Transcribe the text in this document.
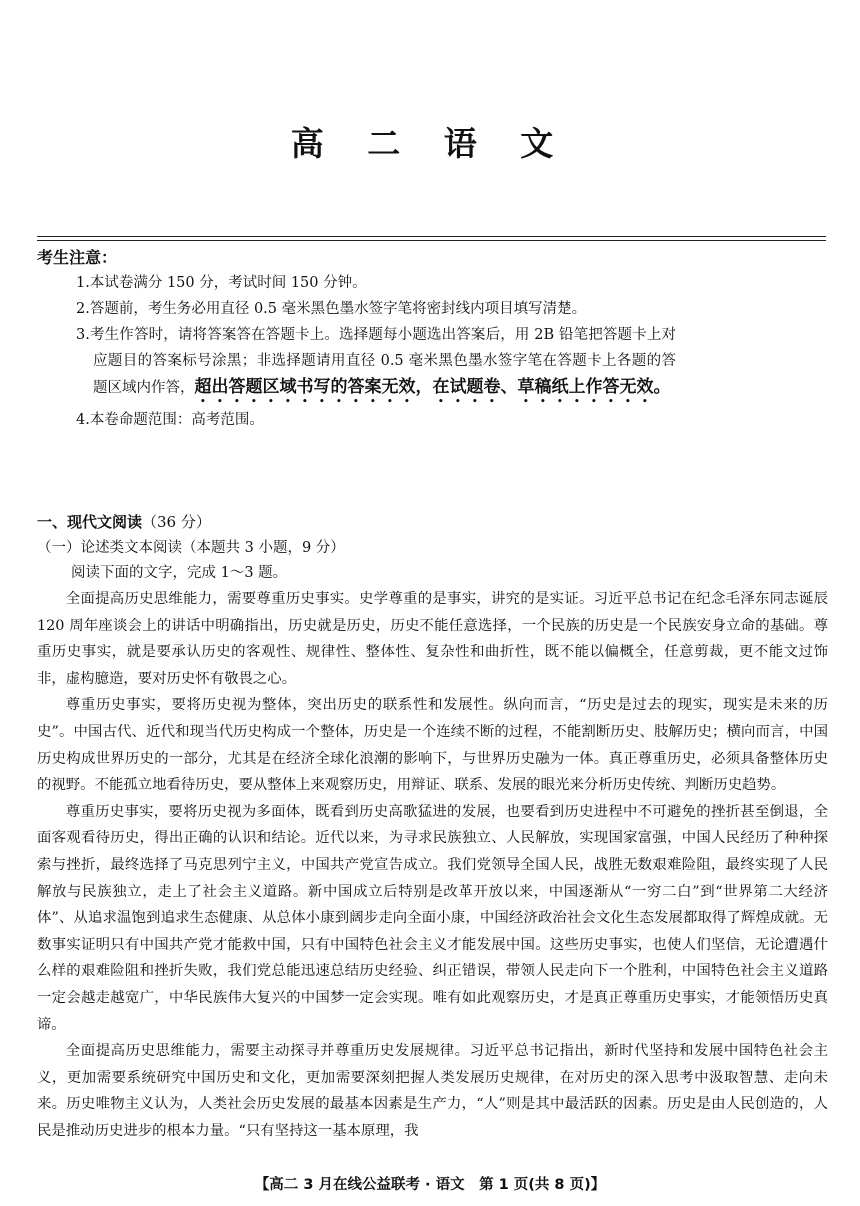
高 二 语 文
考生注意：
1.本试卷满分 150 分，考试时间 150 分钟。
2.答题前，考生务必用直径 0.5 毫米黑色墨水签字笔将密封线内项目填写清楚。
3.考生作答时，请将答案答在答题卡上。选择题每小题选出答案后，用 2B 铅笔把答题卡上对应题目的答案标号涂黑；非选择题请用直径 0.5 毫米黑色墨水签字笔在答题卡上各题的答题区域内作答，超出答题区域书写的答案无效，在试题卷、草稿纸上作答无效。
4.本卷命题范围：高考范围。
一、现代文阅读（36 分）
（一）论述类文本阅读（本题共 3 小题，9 分）
阅读下面的文字，完成 1～3 题。

全面提高历史思维能力，需要尊重历史事实。史学尊重的是事实，讲究的是实证。习近平总书记在纪念毛泽东同志诞辰 120 周年座谈会上的讲话中明确指出，历史就是历史，历史不能任意选择，一个民族的历史是一个民族安身立命的基础。尊重历史事实，就是要承认历史的客观性、规律性、整体性、复杂性和曲折性，既不能以偏概全，任意剪裁，更不能文过饰非，虚构臆造，要对历史怀有敬畏之心。

尊重历史事实，要将历史视为整体，突出历史的联系性和发展性。纵向而言，“历史是过去的现实，现实是未来的历史”。中国古代、近代和现当代历史构成一个整体，历史是一个连续不断的过程，不能割断历史、肢解历史；横向而言，中国历史构成世界历史的一部分，尤其是在经济全球化浪潮的影响下，与世界历史融为一体。真正尊重历史，必须具备整体历史的视野。不能孤立地看待历史，要从整体上来观察历史，用辩证、联系、发展的眼光来分析历史传统、判断历史趋势。

尊重历史事实，要将历史视为多面体，既看到历史高歌猛进的发展，也要看到历史进程中不可避免的挫折甚至倒退，全面客观看待历史，得出正确的认识和结论。近代以来，为寻求民族独立、人民解放，实现国家富强，中国人民经历了种种探索与挫折，最终选择了马克思列宁主义，中国共产党宣告成立。我们党领导全国人民，战胜无数艰难险阻，最终实现了人民解放与民族独立，走上了社会主义道路。新中国成立后特别是改革开放以来，中国逐渐从“一穷二白”到“世界第二大经济体”、从追求温饱到追求生态健康、从总体小康到阔步走向全面小康，中国经济政治社会文化生态发展都取得了辉煌成就。无数事实证明只有中国共产党才能救中国，只有中国特色社会主义才能发展中国。这些历史事实，也使人们坚信，无论遭遇什么样的艰难险阻和挫折失败，我们党总能迅速总结历史经验、纠正错误，带领人民走向下一个胜利，中国特色社会主义道路一定会越走越宽广，中华民族伟大复兴的中国梦一定会实现。唯有如此观察历史，才是真正尊重历史事实，才能领悟历史真谛。

全面提高历史思维能力，需要主动探寻并尊重历史发展规律。习近平总书记指出，新时代坚持和发展中国特色社会主义，更加需要系统研究中国历史和文化，更加需要深刻把握人类发展历史规律，在对历史的深入思考中汲取智慧、走向未来。历史唯物主义认为，人类社会历史发展的最基本因素是生产力，“人”则是其中最活跃的因素。历史是由人民创造的，人民是推动历史进步的根本力量。“只有坚持这一基本原理，我

【高二 3 月在线公益联考 · 语文　第 1 页(共 8 页)】
